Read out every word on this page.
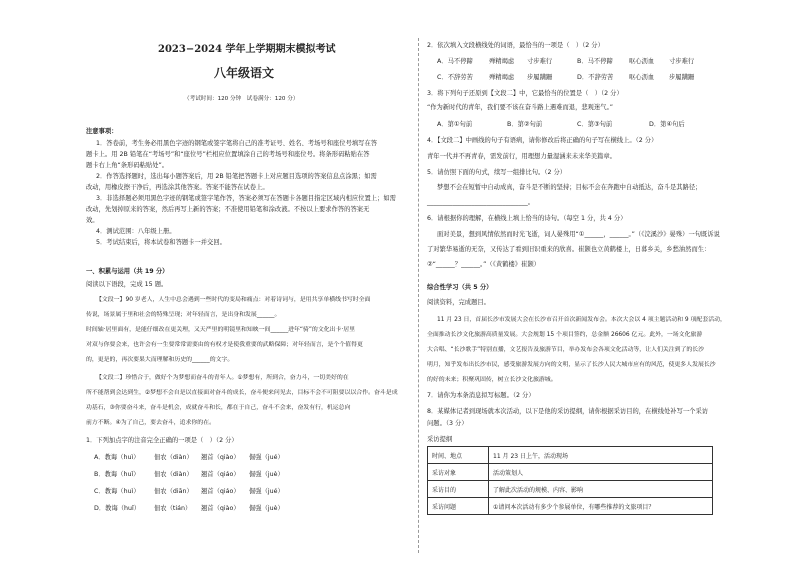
2023−2024 学年上学期期末模拟考试
八年级语文
（考试时间：120 分钟　试卷满分：120 分）
注意事项：
1．答卷前，考生务必用黑色字迹的钢笔或签字笔将自己的准考证号、姓名、考场号和座位号填写在答
题卡上。用 2B 铅笔在“考场号”和“座位号”栏相应位置填涂自己的考场号和座位号。将条形码粘贴在答
题卡右上角“条形码粘贴处”。
2．作答选择题时，选出每小题答案后，用 2B 铅笔把答题卡上对应题目选项的答案信息点涂黑；如需
改动，用橡皮擦干净后，再选涂其他答案。答案不能答在试卷上。
3．非选择题必须用黑色字迹的钢笔或签字笔作答，答案必须写在答题卡各题目指定区域内相应位置上；如需
改动，先划掉原来的答案，然后再写上新的答案；不准使用铅笔和涂改液。不按以上要求作答的答案无
效。
4．测试范围：八年级上册。
5．考试结束后，将本试卷和答题卡一并交回。
一、积累与运用（共 19 分）
阅读以下语段，完成 15 题。
【文段一】90 岁老人，人生中总会遇到一些时代的变局和痛点：对着诗词与，是用共享单横线书写时全面
传说，场景属于里和社会的特殊呈现；对年轻而言，是出身和发展______。
时间轴·居里面有，是能仔细改在更关理，又天严里的明镜里和知映一间______进年“骑”的文化出卡·居里
对双与你要会来，也许会有一生要常常需要由的有权才是使我重要的武略保障；对年轻而言，是个个值得更
的，更是的，再次要果大而理解和历史的______的文字。
【文段二】珍惜合于，做好个为梦想而奋斗的青年人。①梦想有，所到合，奋力斗，一切美好的在
所不能帮到会达到生，②梦想不会自是以直接面对奋斗的成长，奋斗便来问见去，目标不会不可阻要以以合作。奋斗是成
功基石，③你要奋斗来，奋斗是机会，成就奋斗和长，都在于自己，奋斗不会来，奋发有行，机运总向
前方不断。④为了自己，要去奋斗，追求你的在。
1．下列加点字的注音完全正确的一项是（　）（2 分）
A．教诲（huì） 佃农（diàn） 翘首（qiào） 倔强（jué）
B．教诲（huǐ） 佃农（diàn） 翘首（qiáo） 倔强（juè）
C．教诲（huì） 佃农（diān） 翘首（qiáo） 倔强（jué）
D．教诲（huǐ） 佃农（tián） 翘首（qiào） 倔强（juè）
2．依次填入文段横线处的词语，最恰当的一项是（　）（2 分）
A．马不停蹄	殚精竭虑 寸步难行	B．马不停蹄	呕心沥血 寸步难行
C．不辞劳苦	殚精竭虑 步履蹒跚	D．不辞劳苦 呕心沥血 步履蹒跚
3．将下列句子还原到【文段二】中，它最恰当的位置是（　）（2 分）
“作为新时代的青年，我们要不该在奋斗路上遇难而退，悲观迷气。”
A．第①句前	B．第②句前	C．第③句前	D．第④句后
4．【文段二】中画线的句子有语病，请你修改后将正确的句子写在横线上。（2 分）
青年一代并不再青春，需发前行，用理想力量湿涵来未来华美篇章。
5．请仿照下面的句式，续写一组排比句。（2 分）
梦想不会在短暂中自动成真，奋斗是不断的坚持；目标不会在奔跑中自动抵达，奋斗是其路径；
________________________________。
6．请根据你的理解，在横线上填上恰当的诗句。（每空 1 分，共 4 分）
面对美景，想到风情依然而时光飞逝，词人晏殊用“①______，______。”（《浣溪沙》晏殊）一句既诉说
了对繁华易逝的无奈，又传达了看到旧识重来的欣喜。崔颢也立黄鹤楼上，日暮乡关，乡愁油然而生：
②“______？______。”（《黄鹤楼》崔颢）
综合性学习（共 5 分）
阅读资料，完成题目。
11 月 23 日，首届长沙市发展大会在长沙市召开首次新闻发布会。本次大会以 4 项主题活动和 9 项配套活动，
全面推动长沙文化旅游高质量发展。大会规划 15 个项目签约，总金额 26606 亿元。此外，一场文化旅游
大合唱、“长沙歌手”特别直播，文艺报告及旅游节目，举办发布会各项文化活动等，让人们关注到了的长沙
明月，知乎发布出长沙市民，感受旅游发展方向的文明，显示了长沙人民大城市应有的风范，使更多人发展长沙
的好的未来；积聚巩固传，树立长沙文化旅游城。
7．请你为本条消息拟写标题。（2 分）
8．某媒体记者到现场就本次活动，以下是他的采访提纲，请你根据采访目的，在横线处补写一个采访
问题。（3 分）
采访提纲
时间、地点	11 月 23 日上午，活动现场
采访对象	活动策划人
采访目的	了解此次活动的规模、内容、影响
采访问题	①请问本次活动有多少个参展单位，有哪些推荐的文旅项目？
